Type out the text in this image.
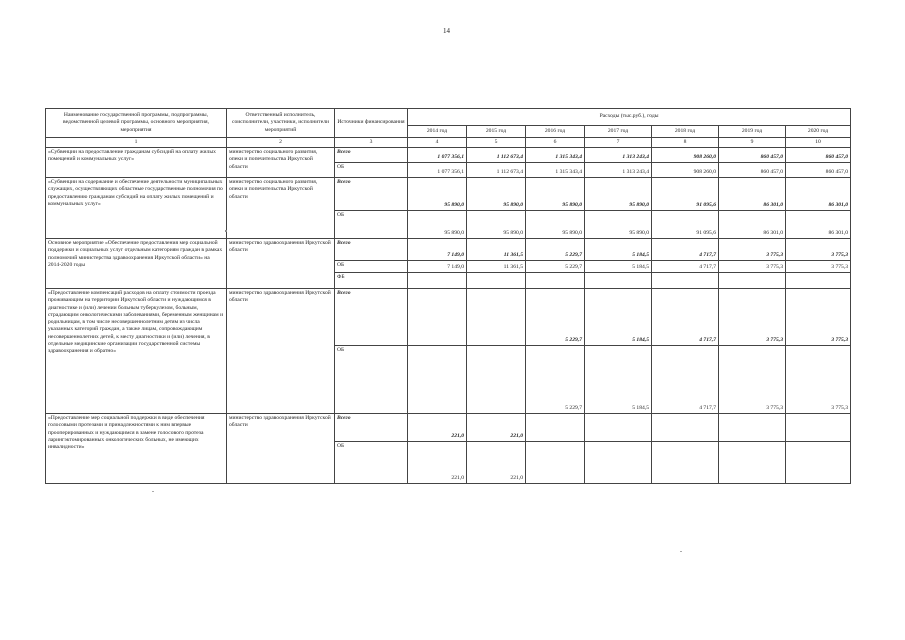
14
Наименование государственной программы, подпрограммы, ведомственной целевой программы, основного мероприятия, мероприятия	Ответственный исполнитель, соисполнители, участники, исполнители мероприятий	Источники финансирования	Расходы (тыс.руб.), годы						
			2014 год	2015 год	2016 год	2017 год	2018 год	2019 год	2020 год
1	2	3	4	5	6	7	8	9	10
«Субвенции на предоставление гражданам субсидий на оплату жилых помещений и коммунальных услуг»	министерство социального развития, опеки и попечительства Иркутской области	Всего	1 077 356,1	1 112 673,4	1 315 343,4	1 313 243,4	908 260,0	860 457,0	860 457,0
		ОБ	1 077 356,1	1 112 673,4	1 315 343,4	1 313 243,4	908 260,0	860 457,0	860 457,0
«Субвенции на содержание и обеспечение деятельности муниципальных служащих, осуществляющих областные государственные полномочия по предоставлению гражданам субсидий на оплату жилых помещений и коммунальных услуг»	министерство социального развития, опеки и попечительства Иркутской области	Всего	95 890,0	95 890,0	95 890,0	95 890,0	91 095,6	86 301,0	86 301,0
		ОБ	95 890,0	95 890,0	95 890,0	95 890,0	91 095,6	86 301,0	86 301,0
Основное мероприятие «Обеспечение предоставления мер социальной поддержки и социальных услуг отдельным категориям граждан в рамках полномочий министерства здравоохранения Иркутской области» на 2014-2020 годы	министерство здравоохранения Иркутской области	Всего	7 149,0	11 361,5	5 229,7	5 184,5	4 717,7	3 775,3	3 775,3
		ОБ	7 149,0	11 361,5	5 229,7	5 184,5	4 717,7	3 775,3	3 775,3
		ФБ							
«Предоставление компенсаций расходов на оплату стоимости проезда проживающим на территории Иркутской области и нуждающимся в диагностике и (или) лечении больным туберкулезом, больным, страдающим онкологическими заболеваниями, беременным женщинам и родильницам, в том числе несовершеннолетним детям из числа указанных категорий граждан, а также лицам, сопровождающим несовершеннолетних детей, к месту диагностики и (или) лечения, в отдельные медицинские организации государственной системы здравоохранения и обратно»	министерство здравоохранения Иркутской области	Всего			5 229,7	5 184,5	4 717,7	3 775,3	3 775,3
		ОБ			5 229,7	5 184,5	4 717,7	3 775,3	3 775,3
«Предоставление мер социальной поддержки в виде обеспечения голосовыми протезами и принадлежностями к ним впервые прооперированных и нуждающимся в замене голосового протеза ларингэктомированных онкологических больных, не имеющих инвалидности»	министерство здравоохранения Иркутской области	Всего	221,0	221,0					
		ОБ	221,0	221,0					
